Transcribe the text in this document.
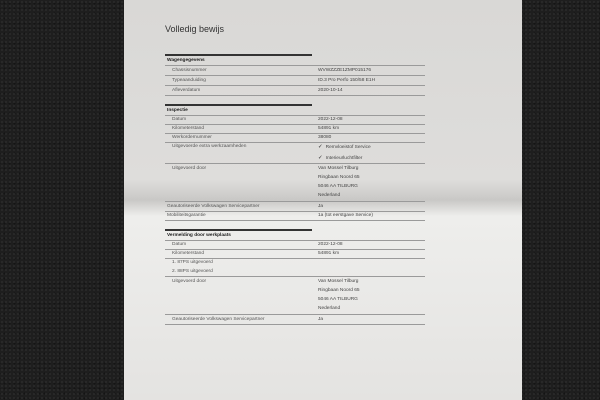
Volledig bewijs
Wagengegevens
Chassisnummer	WVWZZZE1ZMP015176
Typeaanduiding	ID.3 Pro Perfo 150/58 E1H
Afleverdatum	2020-10-14
Inspectie
Datum	2022-12-08
Kilometerstand	54891 km
Werkordernummer	38080
Uitgevoerde extra werkzaamheden	✓ Remvloeistof Service
✓ Interieurluchtfilter
Uitgevoerd door	Van Mossel Tilburg
Ringbaan Noord 65
5046 AA TILBURG
Nederland
Geautoriseerde Volkswagen Servicepartner	Ja
Mobiliteitsgarantie	1a (tot eerstgave Service)
Vermelding door werkplaats
Datum	2022-12-08
Kilometerstand	54891 km
1. 87PS uitgevoerd
2. 88PS uitgevoerd
Uitgevoerd door	Van Mossel Tilburg
Ringbaan Noord 65
5046 AA TILBURG
Nederland
Geautoriseerde Volkswagen Servicepartner	Ja
